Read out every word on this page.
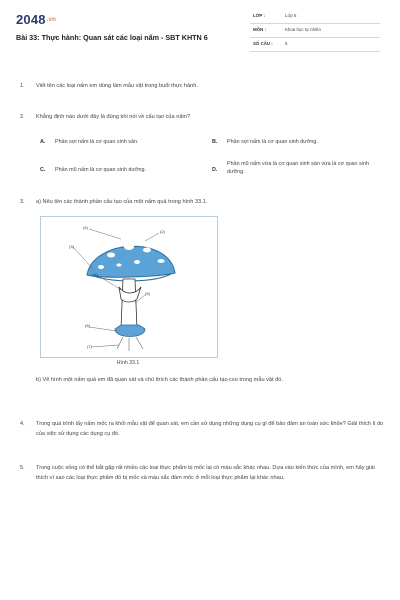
$2048^{.vn}$
Bài 33: Thực hành: Quan sát các loại nấm - SBT KHTN 6
LỚP :	Lớp 6
MÔN :	Khoa học tự nhiên
SỐ CÂU :	5
1. Viết tên các loại nấm em dùng làm mẫu vật trong buổi thực hành.
2. Khẳng định nào dưới đây là đúng khi nói về cấu tạo của nấm?
A. Phần sợi nấm là cơ quan sinh sản.	B. Phần sợi nấm là cơ quan sinh dưỡng.
C. Phần mũ nấm là cơ quan sinh dưỡng.	D.
Phần mũ nấm vừa là cơ quan sinh sản vừa là cơ quan sinh dưỡng.
3. a) Nêu tên các thành phần cấu tạo của một nấm quả trong hình 33.1.
(4)
(2)
(3)
(4)
(5)
(6)
(7)
Hình 33.1
b) Vẽ hình một nấm quả em đã quan sát và chú thích các thành phần cấu tạo cso trong mẫu vật đó.
4. Trong quá trình lấy nấm mốc ra khỏi mẫu vật để quan sát, em cần sử dụng những dụng cụ gì để bảo đảm an toàn sức khỏe? Giải thích lí do của việc sử dụng các dụng cụ đó.
5. Trong cuộc sống có thể bắt gặp rất nhiều các loại thực phẩm bị mốc lại có màu sắc khác nhau. Dựa vào kiến thức của mình, em hãy giải thích vì sao các loại thực phẩm đó bị mốc và màu sắc đám mốc ở mỗi loại thực phẩm lại khác nhau.
